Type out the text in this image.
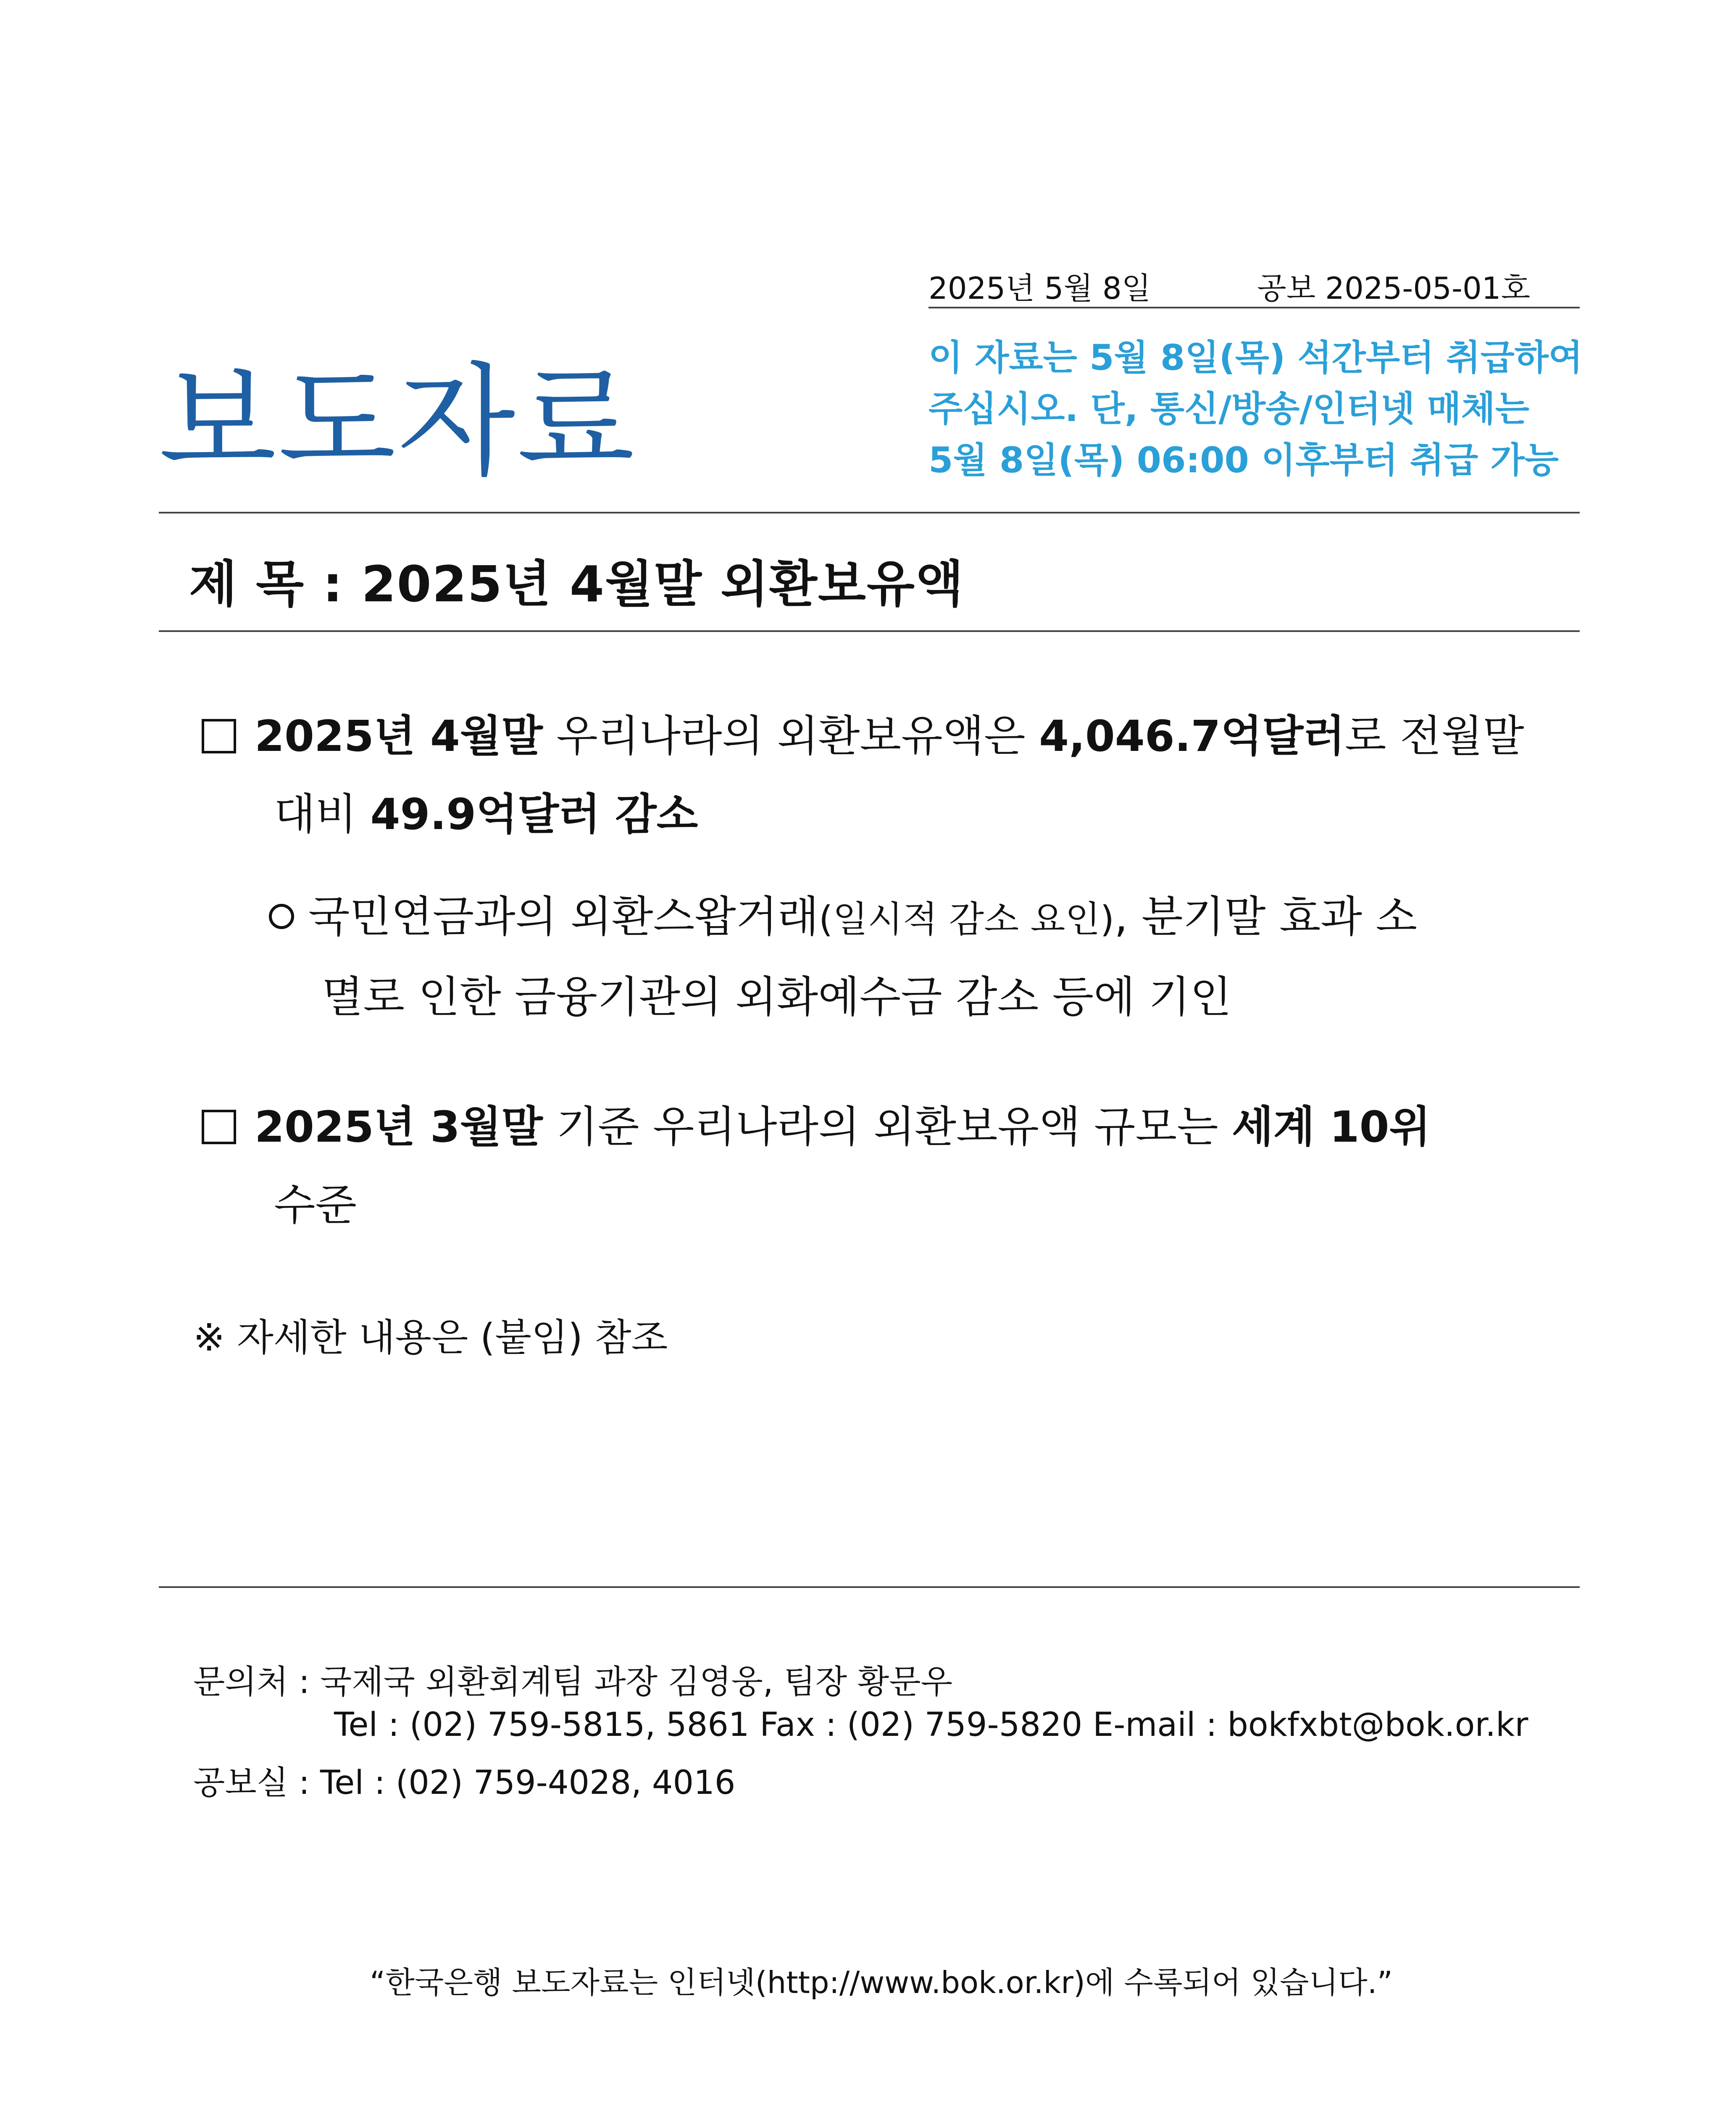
2025년 5월 8일	공보 2025-05-01호
보도자료	이 자료는 5월 8일(목) 석간부터 취급하여
주십시오. 단, 통신/방송/인터넷 매체는
5월 8일(목) 06:00 이후부터 취급 가능
제 목 : 2025년 4월말 외환보유액
2025년 4월말 우리나라의 외환보유액은 4,046.7억달러로 전월말
대비 49.9억달러 감소
국민연금과의 외환스왑거래(일시적 감소 요인), 분기말 효과 소
멸로 인한 금융기관의 외화예수금 감소 등에 기인
2025년 3월말 기준 우리나라의 외환보유액 규모는 세계 10위
수준
※ 자세한 내용은 (붙임) 참조
문의처 : 국제국 외환회계팀 과장 김영웅, 팀장 황문우
Tel : (02) 759-5815, 5861 Fax : (02) 759-5820 E-mail : bokfxbt@bok.or.kr
공보실 : Tel : (02) 759-4028, 4016
“한국은행 보도자료는 인터넷(http://www.bok.or.kr)에 수록되어 있습니다.”
